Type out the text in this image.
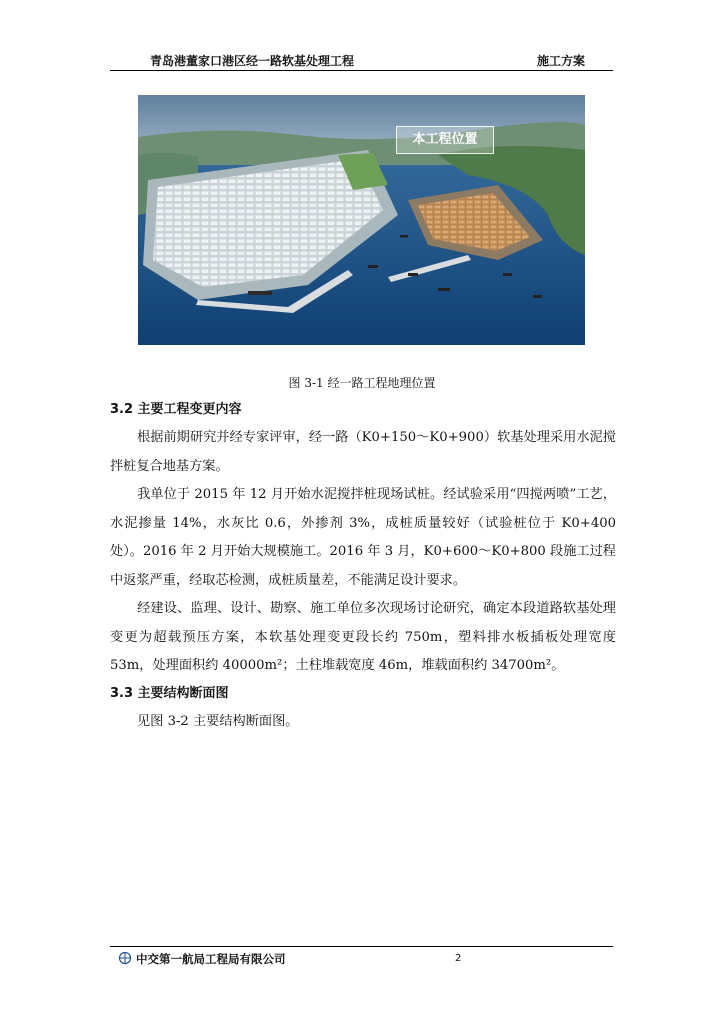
青岛港董家口港区经一路软基处理工程	施工方案
本工程位置
图 3-1 经一路工程地理位置
3.2 主要工程变更内容

根据前期研究并经专家评审，经一路（K0+150～K0+900）软基处理采用水泥搅拌桩复合地基方案。

我单位于 2015 年 12 月开始水泥搅拌桩现场试桩。经试验采用“四搅两喷”工艺，水泥掺量 14%，水灰比 0.6，外掺剂 3%，成桩质量较好（试验桩位于 K0+400 处）。2016 年 2 月开始大规模施工。2016 年 3 月，K0+600～K0+800 段施工过程中返浆严重，经取芯检测，成桩质量差，不能满足设计要求。

经建设、监理、设计、勘察、施工单位多次现场讨论研究，确定本段道路软基处理变更为超载预压方案，本软基处理变更段长约 750m，塑料排水板插板处理宽度 53m，处理面积约 40000m²；土柱堆载宽度 46m，堆载面积约 34700m²。

3.3 主要结构断面图

见图 3-2 主要结构断面图。

中交第一航局工程局有限公司	2
